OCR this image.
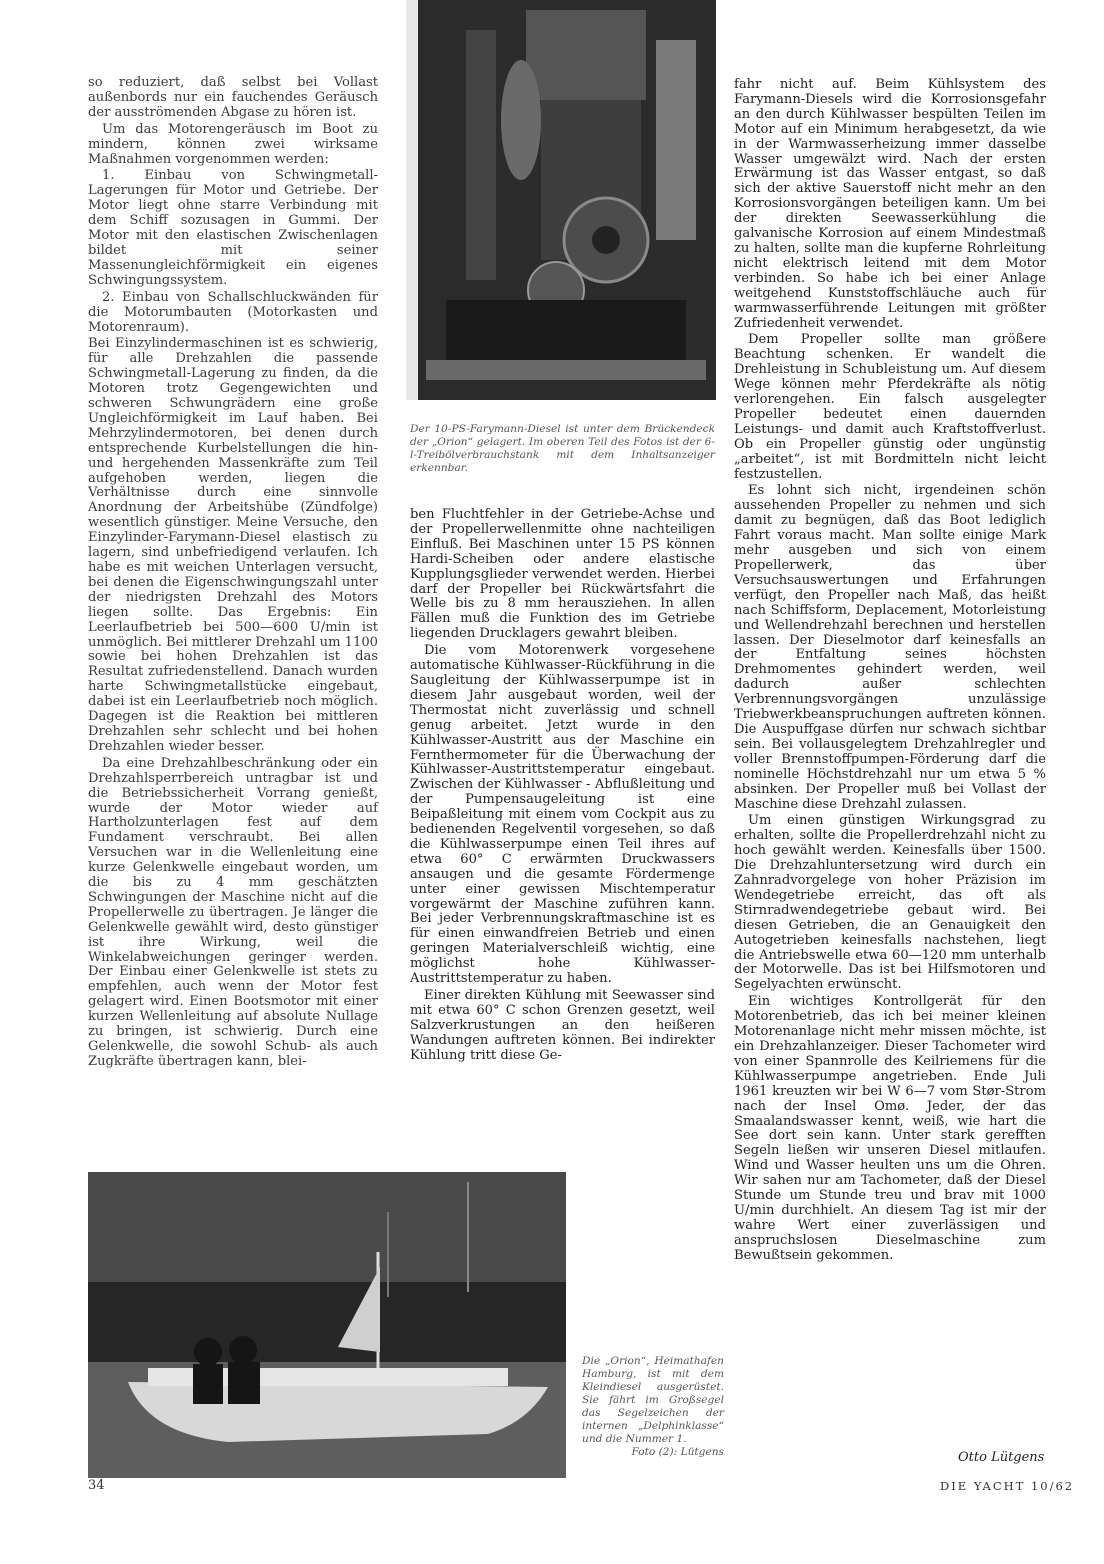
Der 10-PS-Farymann-Diesel ist unter dem Brückendeck der „Orion“ gelagert. Im oberen Teil des Fotos ist der 6-l-Treibölverbrauchstank mit dem Inhaltsanzeiger erkennbar.

so reduziert, daß selbst bei Vollast außenbords nur ein fauchendes Geräusch der ausströmenden Abgase zu hören ist.

Um das Motorengeräusch im Boot zu mindern, können zwei wirksame Maßnahmen vorgenommen werden:

1. Einbau von Schwingmetall-Lagerungen für Motor und Getriebe. Der Motor liegt ohne starre Verbindung mit dem Schiff sozusagen in Gummi. Der Motor mit den elastischen Zwischenlagen bildet mit seiner Massenungleichförmigkeit ein eigenes Schwingungssystem.

2. Einbau von Schallschluckwänden für die Motorumbauten (Motorkasten und Motorenraum).

Bei Einzylindermaschinen ist es schwierig, für alle Drehzahlen die passende Schwingmetall-Lagerung zu finden, da die Motoren trotz Gegengewichten und schweren Schwungrädern eine große Ungleichförmigkeit im Lauf haben. Bei Mehrzylindermotoren, bei denen durch entsprechende Kurbelstellungen die hin- und hergehenden Massenkräfte zum Teil aufgehoben werden, liegen die Verhältnisse durch eine sinnvolle Anordnung der Arbeitshübe (Zündfolge) wesentlich günstiger. Meine Versuche, den Einzylinder-Farymann-Diesel elastisch zu lagern, sind unbefriedigend verlaufen. Ich habe es mit weichen Unterlagen versucht, bei denen die Eigenschwingungszahl unter der niedrigsten Drehzahl des Motors liegen sollte. Das Ergebnis: Ein Leerlaufbetrieb bei 500—600 U/min ist unmöglich. Bei mittlerer Drehzahl um 1100 sowie bei hohen Drehzahlen ist das Resultat zufriedenstellend. Danach wurden harte Schwingmetallstücke eingebaut, dabei ist ein Leerlaufbetrieb noch möglich. Dagegen ist die Reaktion bei mittleren Drehzahlen sehr schlecht und bei hohen Drehzahlen wieder besser.

Da eine Drehzahlbeschränkung oder ein Drehzahlsperrbereich untragbar ist und die Betriebssicherheit Vorrang genießt, wurde der Motor wieder auf Hartholzunterlagen fest auf dem Fundament verschraubt. Bei allen Versuchen war in die Wellenleitung eine kurze Gelenkwelle eingebaut worden, um die bis zu 4 mm geschätzten Schwingungen der Maschine nicht auf die Propellerwelle zu übertragen. Je länger die Gelenkwelle gewählt wird, desto günstiger ist ihre Wirkung, weil die Winkelabweichungen geringer werden. Der Einbau einer Gelenkwelle ist stets zu empfehlen, auch wenn der Motor fest gelagert wird. Einen Bootsmotor mit einer kurzen Wellenleitung auf absolute Nullage zu bringen, ist schwierig. Durch eine Gelenkwelle, die sowohl Schub- als auch Zugkräfte übertragen kann, blei-

ben Fluchtfehler in der Getriebe-Achse und der Propellerwellenmitte ohne nachteiligen Einfluß. Bei Maschinen unter 15 PS können Hardi-Scheiben oder andere elastische Kupplungsglieder verwendet werden. Hierbei darf der Propeller bei Rückwärtsfahrt die Welle bis zu 8 mm herausziehen. In allen Fällen muß die Funktion des im Getriebe liegenden Drucklagers gewahrt bleiben.

Die vom Motorenwerk vorgesehene automatische Kühlwasser-Rückführung in die Saugleitung der Kühlwasserpumpe ist in diesem Jahr ausgebaut worden, weil der Thermostat nicht zuverlässig und schnell genug arbeitet. Jetzt wurde in den Kühlwasser-Austritt aus der Maschine ein Fernthermometer für die Überwachung der Kühlwasser-Austrittstemperatur eingebaut. Zwischen der Kühlwasser - Abflußleitung und der Pumpensaugeleitung ist eine Beipaßleitung mit einem vom Cockpit aus zu bedienenden Regelventil vorgesehen, so daß die Kühlwasserpumpe einen Teil ihres auf etwa 60° C erwärmten Druckwassers ansaugen und die gesamte Fördermenge unter einer gewissen Mischtemperatur vorgewärmt der Maschine zuführen kann. Bei jeder Verbrennungskraftmaschine ist es für einen einwandfreien Betrieb und einen geringen Materialverschleiß wichtig, eine möglichst hohe Kühlwasser-Austrittstemperatur zu haben.

Einer direkten Kühlung mit Seewasser sind mit etwa 60° C schon Grenzen gesetzt, weil Salzverkrustungen an den heißeren Wandungen auftreten können. Bei indirekter Kühlung tritt diese Ge-

fahr nicht auf. Beim Kühlsystem des Farymann-Diesels wird die Korrosionsgefahr an den durch Kühlwasser bespülten Teilen im Motor auf ein Minimum herabgesetzt, da wie in der Warmwasserheizung immer dasselbe Wasser umgewälzt wird. Nach der ersten Erwärmung ist das Wasser entgast, so daß sich der aktive Sauerstoff nicht mehr an den Korrosionsvorgängen beteiligen kann. Um bei der direkten Seewasserkühlung die galvanische Korrosion auf einem Mindestmaß zu halten, sollte man die kupferne Rohrleitung nicht elektrisch leitend mit dem Motor verbinden. So habe ich bei einer Anlage weitgehend Kunststoffschläuche auch für warmwasserführende Leitungen mit größter Zufriedenheit verwendet.

Dem Propeller sollte man größere Beachtung schenken. Er wandelt die Drehleistung in Schubleistung um. Auf diesem Wege können mehr Pferdekräfte als nötig verlorengehen. Ein falsch ausgelegter Propeller bedeutet einen dauernden Leistungs- und damit auch Kraftstoffverlust. Ob ein Propeller günstig oder ungünstig „arbeitet“, ist mit Bordmitteln nicht leicht festzustellen.

Es lohnt sich nicht, irgendeinen schön aussehenden Propeller zu nehmen und sich damit zu begnügen, daß das Boot lediglich Fahrt voraus macht. Man sollte einige Mark mehr ausgeben und sich von einem Propellerwerk, das über Versuchsauswertungen und Erfahrungen verfügt, den Propeller nach Maß, das heißt nach Schiffsform, Deplacement, Motorleistung und Wellendrehzahl berechnen und herstellen lassen. Der Dieselmotor darf keinesfalls an der Entfaltung seines höchsten Drehmomentes gehindert werden, weil dadurch außer schlechten Verbrennungsvorgängen unzulässige Triebwerkbeanspruchungen auftreten können. Die Auspuffgase dürfen nur schwach sichtbar sein. Bei vollausgelegtem Drehzahlregler und voller Brennstoffpumpen-Förderung darf die nominelle Höchstdrehzahl nur um etwa 5 % absinken. Der Propeller muß bei Vollast der Maschine diese Drehzahl zulassen.

Um einen günstigen Wirkungsgrad zu erhalten, sollte die Propellerdrehzahl nicht zu hoch gewählt werden. Keinesfalls über 1500. Die Drehzahluntersetzung wird durch ein Zahnradvorgelege von hoher Präzision im Wendegetriebe erreicht, das oft als Stirnradwendegetriebe gebaut wird. Bei diesen Getrieben, die an Genauigkeit den Autogetrieben keinesfalls nachstehen, liegt die Antriebswelle etwa 60—120 mm unterhalb der Motorwelle. Das ist bei Hilfsmotoren und Segelyachten erwünscht.

Ein wichtiges Kontrollgerät für den Motorenbetrieb, das ich bei meiner kleinen Motorenanlage nicht mehr missen möchte, ist ein Drehzahlanzeiger. Dieser Tachometer wird von einer Spannrolle des Keilriemens für die Kühlwasserpumpe angetrieben. Ende Juli 1961 kreuzten wir bei W 6—7 vom Stør-Strom nach der Insel Omø. Jeder, der das Smaalandswasser kennt, weiß, wie hart die See dort sein kann. Unter stark gerefften Segeln ließen wir unseren Diesel mitlaufen. Wind und Wasser heulten uns um die Ohren. Wir sahen nur am Tachometer, daß der Diesel Stunde um Stunde treu und brav mit 1000 U/min durchhielt. An diesem Tag ist mir der wahre Wert einer zuverlässigen und anspruchslosen Dieselmaschine zum Bewußtsein gekommen.

Die „Orion“, Heimathafen Hamburg, ist mit dem Kleindiesel ausgerüstet. Sie fährt im Großsegel das Segelzeichen der internen „Delphinklasse“ und die Nummer 1.

Foto (2): Lütgens	Otto Lütgens
34	DIE YACHT 10/62
